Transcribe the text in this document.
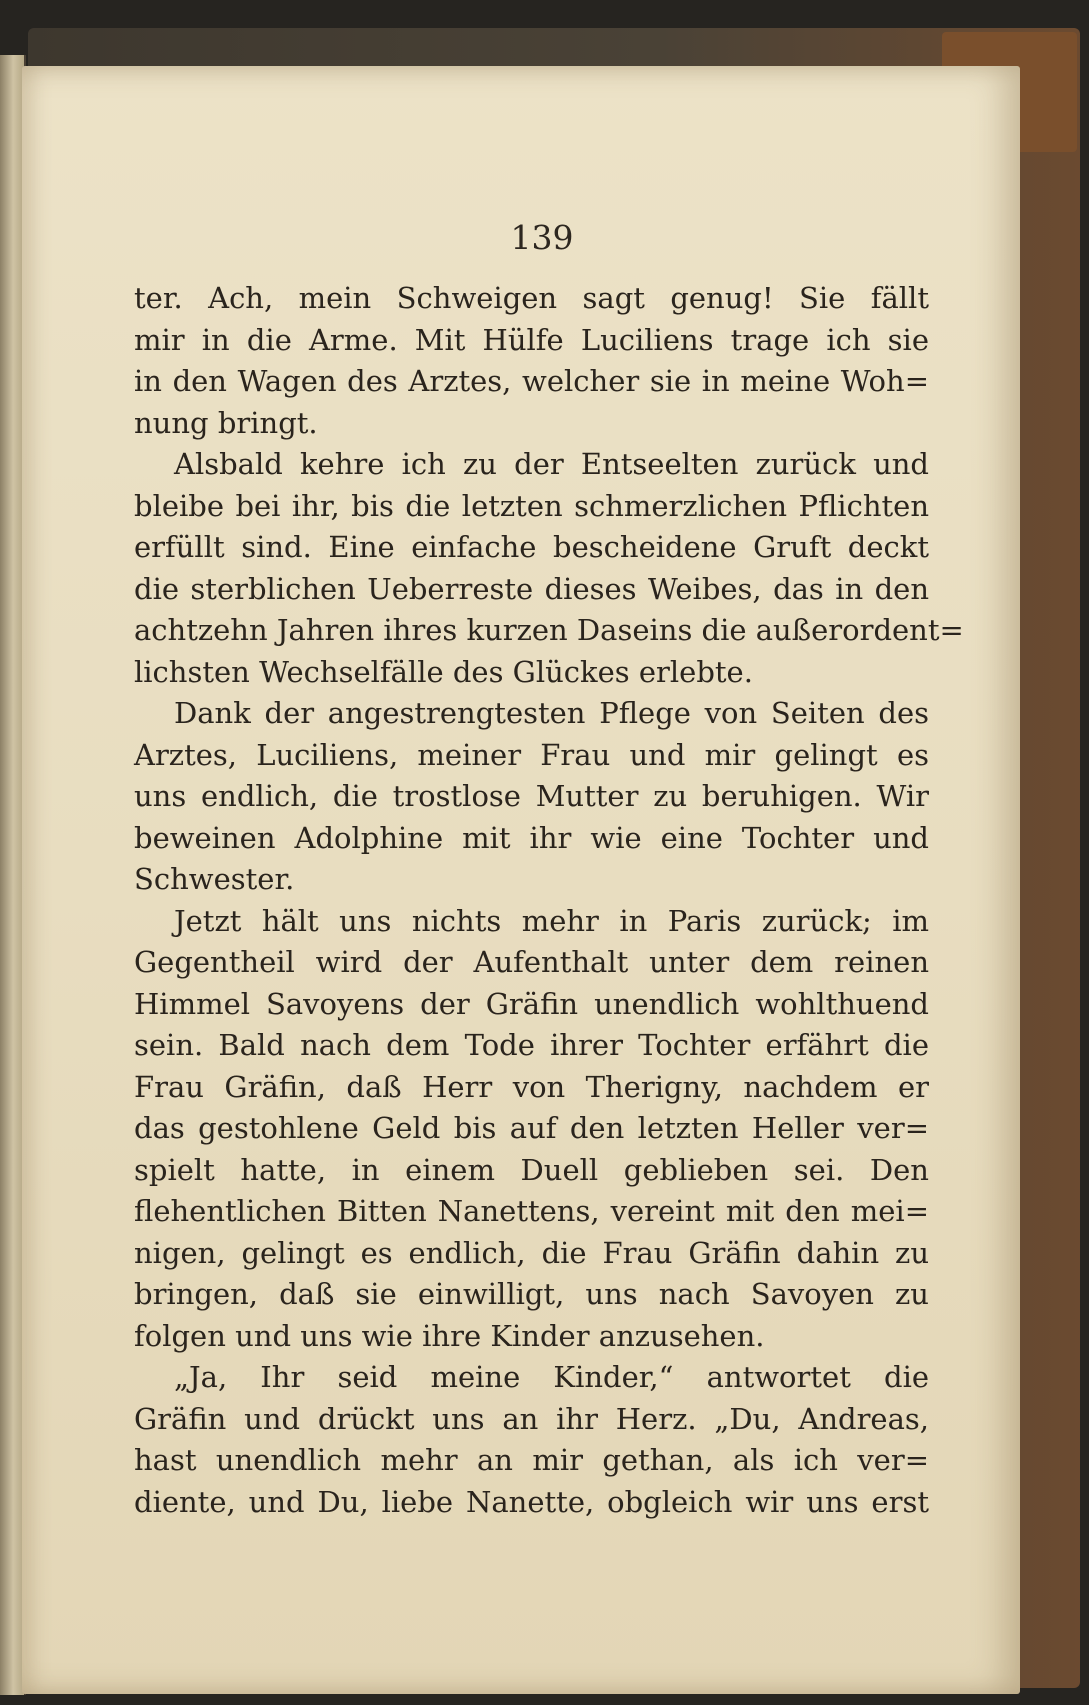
139
ter. Ach, mein Schweigen sagt genug! Sie fällt
mir in die Arme. Mit Hülfe Luciliens trage ich sie
in den Wagen des Arztes, welcher sie in meine Woh=
nung bringt.
Alsbald kehre ich zu der Entseelten zurück und
bleibe bei ihr, bis die letzten schmerzlichen Pflichten
erfüllt sind. Eine einfache bescheidene Gruft deckt
die sterblichen Ueberreste dieses Weibes, das in den
achtzehn Jahren ihres kurzen Daseins die außerordent=
lichsten Wechselfälle des Glückes erlebte.
Dank der angestrengtesten Pflege von Seiten des
Arztes, Luciliens, meiner Frau und mir gelingt es
uns endlich, die trostlose Mutter zu beruhigen. Wir
beweinen Adolphine mit ihr wie eine Tochter und
Schwester.
Jetzt hält uns nichts mehr in Paris zurück; im
Gegentheil wird der Aufenthalt unter dem reinen
Himmel Savoyens der Gräfin unendlich wohlthuend
sein. Bald nach dem Tode ihrer Tochter erfährt die
Frau Gräfin, daß Herr von Therigny, nachdem er
das gestohlene Geld bis auf den letzten Heller ver=
spielt hatte, in einem Duell geblieben sei. Den
flehentlichen Bitten Nanettens, vereint mit den mei=
nigen, gelingt es endlich, die Frau Gräfin dahin zu
bringen, daß sie einwilligt, uns nach Savoyen zu
folgen und uns wie ihre Kinder anzusehen.
„Ja, Ihr seid meine Kinder,“ antwortet die
Gräfin und drückt uns an ihr Herz. „Du, Andreas,
hast unendlich mehr an mir gethan, als ich ver=
diente, und Du, liebe Nanette, obgleich wir uns erst
